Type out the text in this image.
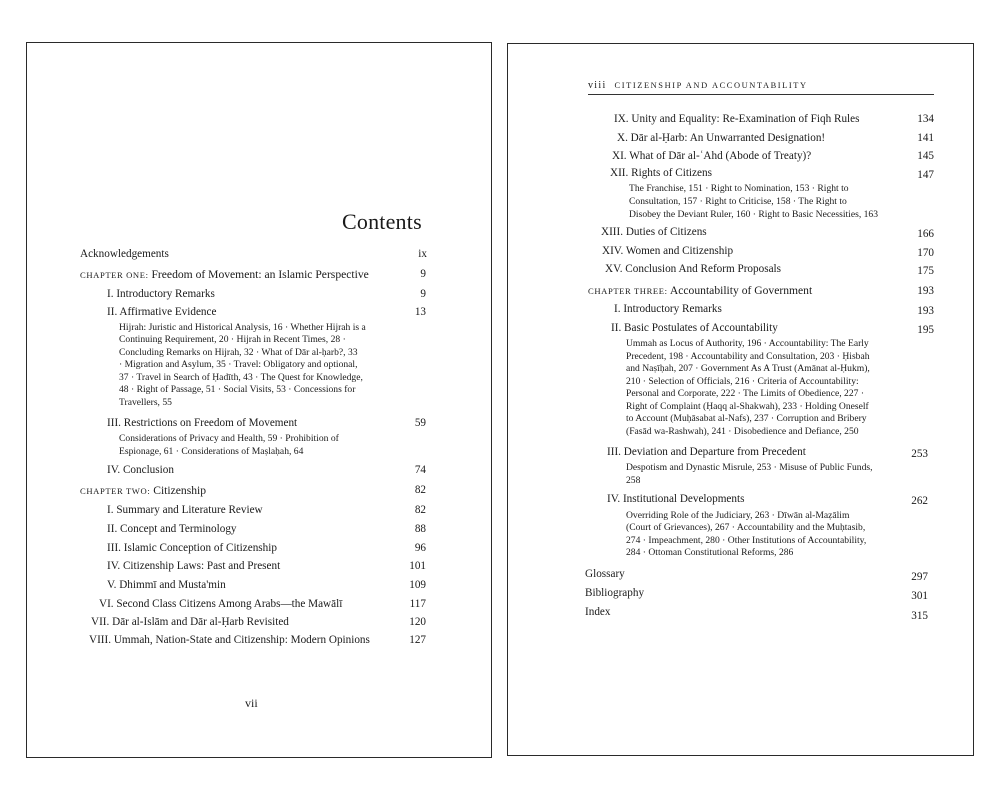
Contents
Acknowledgements	ix
CHAPTER ONE: Freedom of Movement: an Islamic Perspective	9
I. Introductory Remarks	9
II. Affirmative Evidence	13
Hijrah: Juristic and Historical Analysis, 16 · Whether Hijrah is a
Continuing Requirement, 20 · Hijrah in Recent Times, 28 ·
Concluding Remarks on Hijrah, 32 · What of Dār al-ḥarb?, 33
· Migration and Asylum, 35 · Travel: Obligatory and optional,
37 · Travel in Search of Ḥadīth, 43 · The Quest for Knowledge,
48 · Right of Passage, 51 · Social Visits, 53 · Concessions for
Travellers, 55
III. Restrictions on Freedom of Movement	59
Considerations of Privacy and Health, 59 · Prohibition of
Espionage, 61 · Considerations of Maṣlaḥah, 64
IV. Conclusion	74
CHAPTER TWO: Citizenship	82
I. Summary and Literature Review	82
II. Concept and Terminology	88
III. Islamic Conception of Citizenship	96
IV. Citizenship Laws: Past and Present	101
V. Dhimmī and Musta'min	109
VI. Second Class Citizens Among Arabs—the Mawālī	117
VII. Dār al-Islām and Dār al-Ḥarb Revisited	120
VIII. Ummah, Nation-State and Citizenship: Modern Opinions	127
vii
viii CITIZENSHIP AND ACCOUNTABILITY
IX. Unity and Equality: Re-Examination of Fiqh Rules	134
X. Dār al-Ḥarb: An Unwarranted Designation!	141
XI. What of Dār al-ʿAhd (Abode of Treaty)?	145
XII. Rights of Citizens	147
The Franchise, 151 · Right to Nomination, 153 · Right to
Consultation, 157 · Right to Criticise, 158 · The Right to
Disobey the Deviant Ruler, 160 · Right to Basic Necessities, 163
XIII. Duties of Citizens	166
XIV. Women and Citizenship	170
XV. Conclusion And Reform Proposals	175
CHAPTER THREE: Accountability of Government	193
I. Introductory Remarks	193
II. Basic Postulates of Accountability	195
Ummah as Locus of Authority, 196 · Accountability: The Early
Precedent, 198 · Accountability and Consultation, 203 · Ḥisbah
and Naṣīḥah, 207 · Government As A Trust (Amānat al-Ḥukm),
210 · Selection of Officials, 216 · Criteria of Accountability:
Personal and Corporate, 222 · The Limits of Obedience, 227 ·
Right of Complaint (Ḥaqq al-Shakwah), 233 · Holding Oneself
to Account (Muḥāsabat al-Nafs), 237 · Corruption and Bribery
(Fasād wa-Rashwah), 241 · Disobedience and Defiance, 250
III. Deviation and Departure from Precedent	253
Despotism and Dynastic Misrule, 253 · Misuse of Public Funds,
258
IV. Institutional Developments	262
Overriding Role of the Judiciary, 263 · Dīwān al-Maẓālim
(Court of Grievances), 267 · Accountability and the Muḥtasib,
274 · Impeachment, 280 · Other Institutions of Accountability,
284 · Ottoman Constitutional Reforms, 286
Glossary	297
Bibliography	301
Index	315
